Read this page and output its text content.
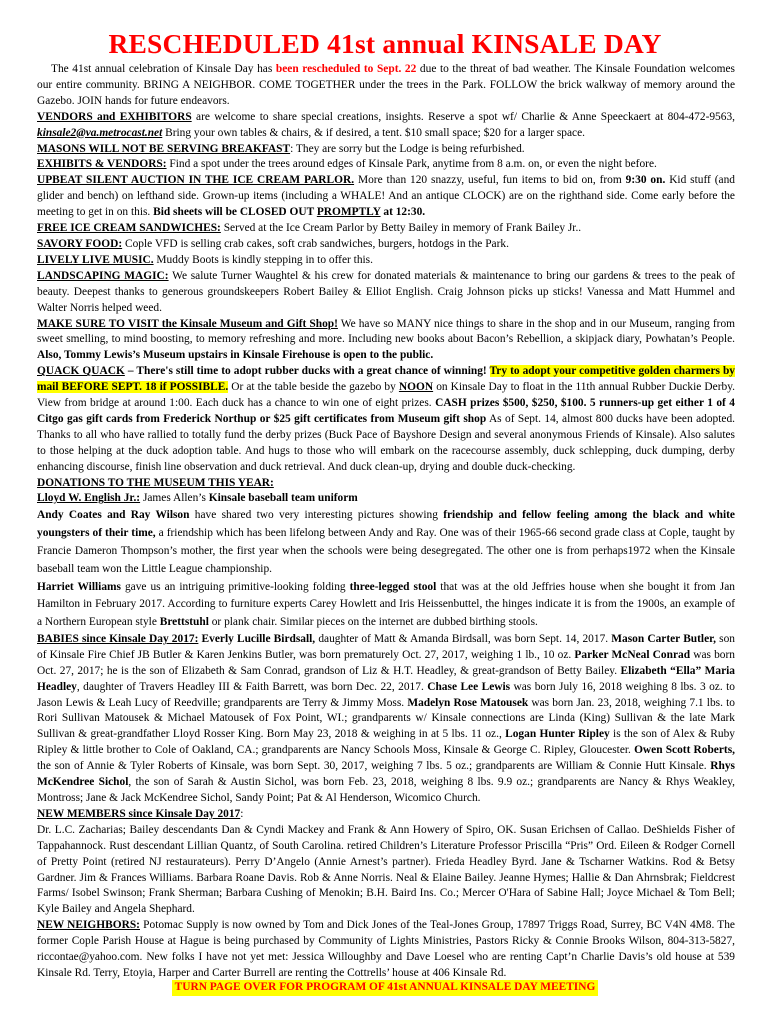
RESCHEDULED 41st annual KINSALE DAY

The 41st annual celebration of Kinsale Day has been rescheduled to Sept. 22 due to the threat of bad weather. The Kinsale Foundation welcomes our entire community. BRING A NEIGHBOR. COME TOGETHER under the trees in the Park. FOLLOW the brick walkway of memory around the Gazebo. JOIN hands for future endeavors.

VENDORS and EXHIBITORS are welcome to share special creations, insights. Reserve a spot wf/ Charlie & Anne Speeckaert at 804-472-9563, kinsale2@va.metrocast.net Bring your own tables & chairs, & if desired, a tent. $10 small space; $20 for a larger space.

MASONS WILL NOT BE SERVING BREAKFAST: They are sorry but the Lodge is being refurbished.

EXHIBITS & VENDORS: Find a spot under the trees around edges of Kinsale Park, anytime from 8 a.m. on, or even the night before.

UPBEAT SILENT AUCTION IN THE ICE CREAM PARLOR. More than 120 snazzy, useful, fun items to bid on, from 9:30 on. Kid stuff (and glider and bench) on lefthand side. Grown-up items (including a WHALE! And an antique CLOCK) are on the righthand side. Come early before the meeting to get in on this. Bid sheets will be CLOSED OUT PROMPTLY at 12:30.

FREE ICE CREAM SANDWICHES: Served at the Ice Cream Parlor by Betty Bailey in memory of Frank Bailey Jr..

SAVORY FOOD: Cople VFD is selling crab cakes, soft crab sandwiches, burgers, hotdogs in the Park.

LIVELY LIVE MUSIC. Muddy Boots is kindly stepping in to offer this.

LANDSCAPING MAGIC: We salute Turner Waughtel & his crew for donated materials & maintenance to bring our gardens & trees to the peak of beauty. Deepest thanks to generous groundskeepers Robert Bailey & Elliot English. Craig Johnson picks up sticks! Vanessa and Matt Hummel and Walter Norris helped weed.

MAKE SURE TO VISIT the Kinsale Museum and Gift Shop! We have so MANY nice things to share in the shop and in our Museum, ranging from sweet smelling, to mind boosting, to memory refreshing and more. Including new books about Bacon’s Rebellion, a skipjack diary, Powhatan’s People. Also, Tommy Lewis’s Museum upstairs in Kinsale Firehouse is open to the public.

QUACK QUACK – There's still time to adopt rubber ducks with a great chance of winning! Try to adopt your competitive golden charmers by mail BEFORE SEPT. 18 if POSSIBLE. Or at the table beside the gazebo by NOON on Kinsale Day to float in the 11th annual Rubber Duckie Derby. View from bridge at around 1:00. Each duck has a chance to win one of eight prizes. CASH prizes $500, $250, $100. 5 runners-up get either 1 of 4 Citgo gas gift cards from Frederick Northup or $25 gift certificates from Museum gift shop As of Sept. 14, almost 800 ducks have been adopted. Thanks to all who have rallied to totally fund the derby prizes (Buck Pace of Bayshore Design and several anonymous Friends of Kinsale). Also salutes to those helping at the duck adoption table. And hugs to those who will embark on the racecourse assembly, duck schlepping, duck dumping, derby enhancing discourse, finish line observation and duck retrieval. And duck clean-up, drying and double duck-checking.

DONATIONS TO THE MUSEUM THIS YEAR:

Lloyd W. English Jr.: James Allen’s Kinsale baseball team uniform

Andy Coates and Ray Wilson have shared two very interesting pictures showing friendship and fellow feeling among the black and white youngsters of their time, a friendship which has been lifelong between Andy and Ray. One was of their 1965-66 second grade class at Cople, taught by Francie Dameron Thompson’s mother, the first year when the schools were being desegregated. The other one is from perhaps1972 when the Kinsale baseball team won the Little League championship.

Harriet Williams gave us an intriguing primitive-looking folding three-legged stool that was at the old Jeffries house when she bought it from Jan Hamilton in February 2017. According to furniture experts Carey Howlett and Iris Heissenbuttel, the hinges indicate it is from the 1900s, an example of a Northern European style Brettstuhl or plank chair. Similar pieces on the internet are dubbed birthing stools.

BABIES since Kinsale Day 2017: Everly Lucille Birdsall, daughter of Matt & Amanda Birdsall, was born Sept. 14, 2017. Mason Carter Butler, son of Kinsale Fire Chief JB Butler & Karen Jenkins Butler, was born prematurely Oct. 27, 2017, weighing 1 lb., 10 oz. Parker McNeal Conrad was born Oct. 27, 2017; he is the son of Elizabeth & Sam Conrad, grandson of Liz & H.T. Headley, & great-grandson of Betty Bailey. Elizabeth “Ella” Maria Headley, daughter of Travers Headley III & Faith Barrett, was born Dec. 22, 2017. Chase Lee Lewis was born July 16, 2018 weighing 8 lbs. 3 oz. to Jason Lewis & Leah Lucy of Reedville; grandparents are Terry & Jimmy Moss. Madelyn Rose Matousek was born Jan. 23, 2018, weighing 7.1 lbs. to Rori Sullivan Matousek & Michael Matousek of Fox Point, WI.; grandparents w/ Kinsale connections are Linda (King) Sullivan & the late Mark Sullivan & great-grandfather Lloyd Rosser King. Born May 23, 2018 & weighing in at 5 lbs. 11 oz., Logan Hunter Ripley is the son of Alex & Ruby Ripley & little brother to Cole of Oakland, CA.; grandparents are Nancy Schools Moss, Kinsale & George C. Ripley, Gloucester. Owen Scott Roberts, the son of Annie & Tyler Roberts of Kinsale, was born Sept. 30, 2017, weighing 7 lbs. 5 oz.; grandparents are William & Connie Hutt Kinsale. Rhys McKendree Sichol, the son of Sarah & Austin Sichol, was born Feb. 23, 2018, weighing 8 lbs. 9.9 oz.; grandparents are Nancy & Rhys Weakley, Montross; Jane & Jack McKendree Sichol, Sandy Point; Pat & Al Henderson, Wicomico Church.

NEW MEMBERS since Kinsale Day 2017:

Dr. L.C. Zacharias; Bailey descendants Dan & Cyndi Mackey and Frank & Ann Howery of Spiro, OK. Susan Erichsen of Callao. DeShields Fisher of Tappahannock. Rust descendant Lillian Quantz, of South Carolina. retired Children’s Literature Professor Priscilla “Pris” Ord. Eileen & Rodger Cornell of Pretty Point (retired NJ restaurateurs). Perry D’Angelo (Annie Arnest’s partner). Frieda Headley Byrd. Jane & Tscharner Watkins. Rod & Betsy Gardner. Jim & Frances Williams. Barbara Roane Davis. Rob & Anne Norris. Neal & Elaine Bailey. Jeanne Hymes; Hallie & Dan Ahrnsbrak; Fieldcrest Farms/ Isobel Swinson; Frank Sherman; Barbara Cushing of Menokin; B.H. Baird Ins. Co.; Mercer O'Hara of Sabine Hall; Joyce Michael & Tom Bell; Kyle Bailey and Angela Shephard.

NEW NEIGHBORS: Potomac Supply is now owned by Tom and Dick Jones of the Teal-Jones Group, 17897 Triggs Road, Surrey, BC V4N 4M8. The former Cople Parish House at Hague is being purchased by Community of Lights Ministries, Pastors Ricky & Connie Brooks Wilson, 804-313-5827, riccontae@yahoo.com. New folks I have not yet met: Jessica Willoughby and Dave Loesel who are renting Capt’n Charlie Davis’s old house at 539 Kinsale Rd. Terry, Etoyia, Harper and Carter Burrell are renting the Cottrells’ house at 406 Kinsale Rd.

TURN PAGE OVER FOR PROGRAM OF 41st ANNUAL KINSALE DAY MEETING
